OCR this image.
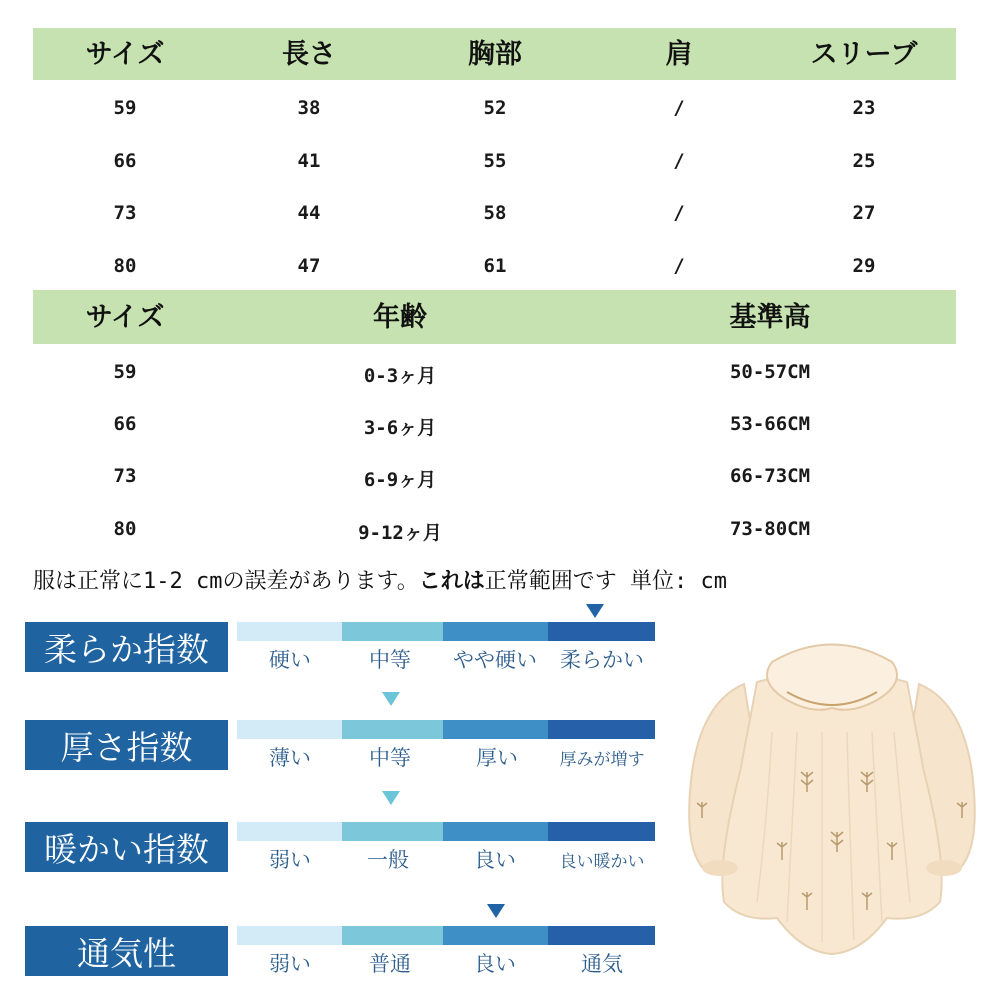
サイズ	長さ	胸部	肩	スリーブ
59	38	52	/	23
66	41	55	/	25
73	44	58	/	27
80	47	61	/	29
サイズ	年齢	基準高
59	0-3ヶ月	50-57CM
66	3-6ヶ月	53-66CM
73	6-9ヶ月	66-73CM
80	9-12ヶ月	73-80CM
服は正常に1-2 cmの誤差があります。これは正常範囲です 単位: cm
柔らか指数	硬い	中等 やや硬い 柔らかい
厚さ指数	薄い	中等	厚い 厚みが増す
暖かい指数	弱い	一般	良い	良い暖かい
通気性	弱い	普通	良い	通気
